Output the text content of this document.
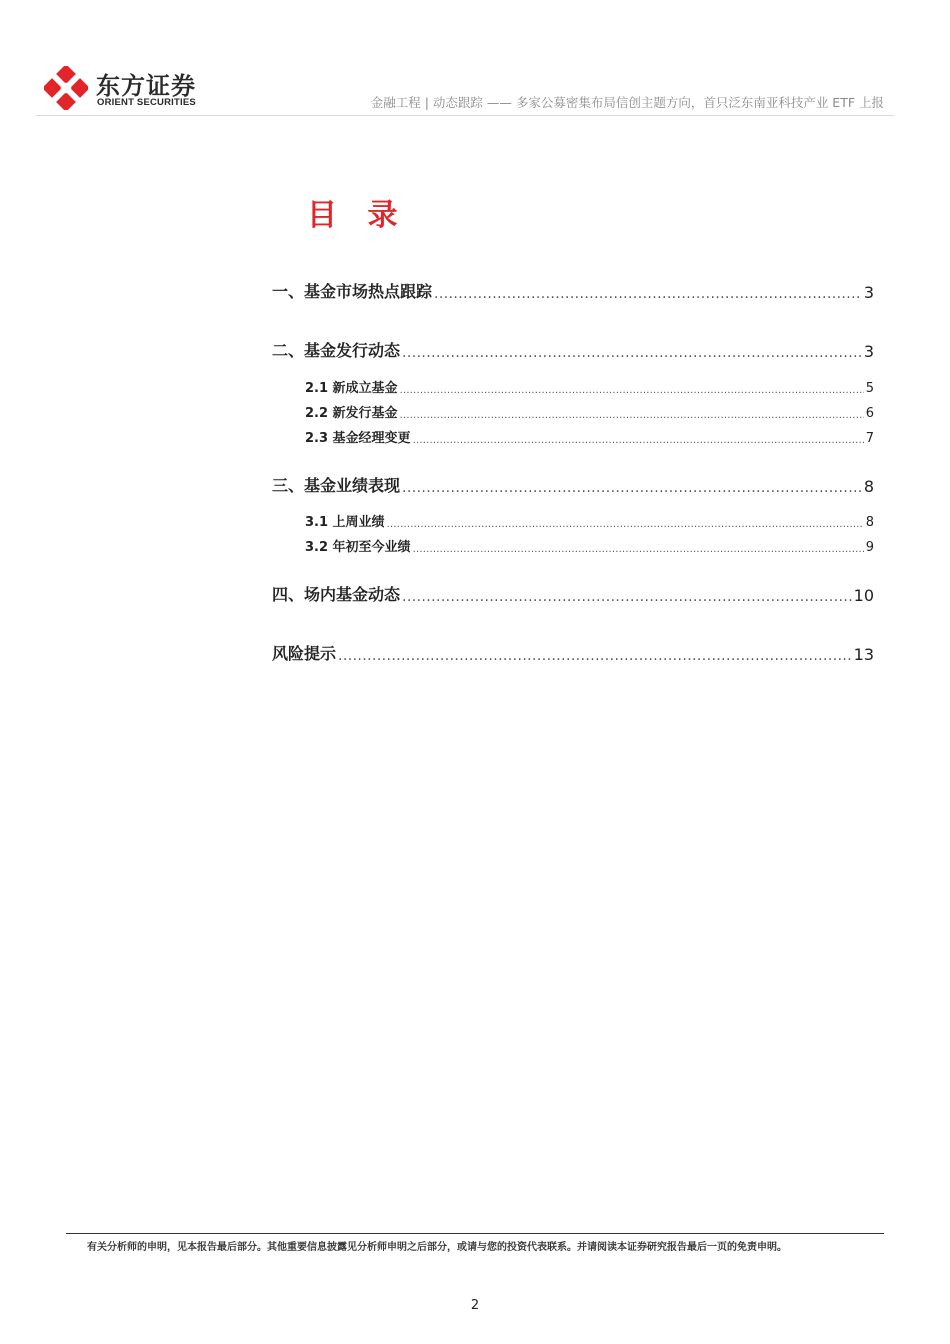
东方证券
ORIENT SECURITIES	金融工程 | 动态跟踪 —— 多家公募密集布局信创主题方向，首只泛东南亚科技产业 ETF 上报
目 录
一、基金市场热点跟踪 .....	3
二、基金发行动态 .....	3
2.1 新成立基金 .....	5
2.2 新发行基金 .....	6
2.3 基金经理变更 .....	7
三、基金业绩表现 .....	8
3.1 上周业绩 .....	8
3.2 年初至今业绩 .....	9
四、场内基金动态 .....	10
风险提示 .....	13
有关分析师的申明，见本报告最后部分。其他重要信息披露见分析师申明之后部分，或请与您的投资代表联系。并请阅读本证券研究报告最后一页的免责申明。
2
